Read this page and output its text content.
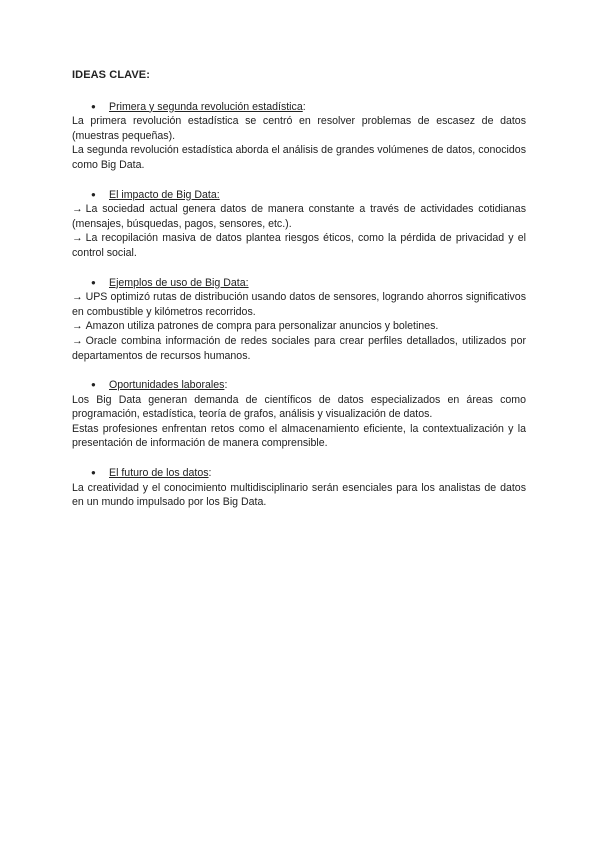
IDEAS CLAVE:
●	Primera y segunda revolución estadística :

La primera revolución estadística se centró en resolver problemas de escasez de datos (muestras pequeñas).

La segunda revolución estadística aborda el análisis de grandes volúmenes de datos, conocidos como Big Data.

●	El impacto de Big Data:

→ La sociedad actual genera datos de manera constante a través de actividades cotidianas (mensajes, búsquedas, pagos, sensores, etc.).

→ La recopilación masiva de datos plantea riesgos éticos, como la pérdida de privacidad y el control social.

●	Ejemplos de uso de Big Data:

→ UPS optimizó rutas de distribución usando datos de sensores, logrando ahorros significativos en combustible y kilómetros recorridos.

→ Amazon utiliza patrones de compra para personalizar anuncios y boletines.

→ Oracle combina información de redes sociales para crear perfiles detallados, utilizados por departamentos de recursos humanos.

●	Oportunidades laborales :

Los Big Data generan demanda de científicos de datos especializados en áreas como programación, estadística, teoría de grafos, análisis y visualización de datos.

Estas profesiones enfrentan retos como el almacenamiento eficiente, la contextualización y la presentación de información de manera comprensible.

●	El futuro de los datos :

La creatividad y el conocimiento multidisciplinario serán esenciales para los analistas de datos en un mundo impulsado por los Big Data.
